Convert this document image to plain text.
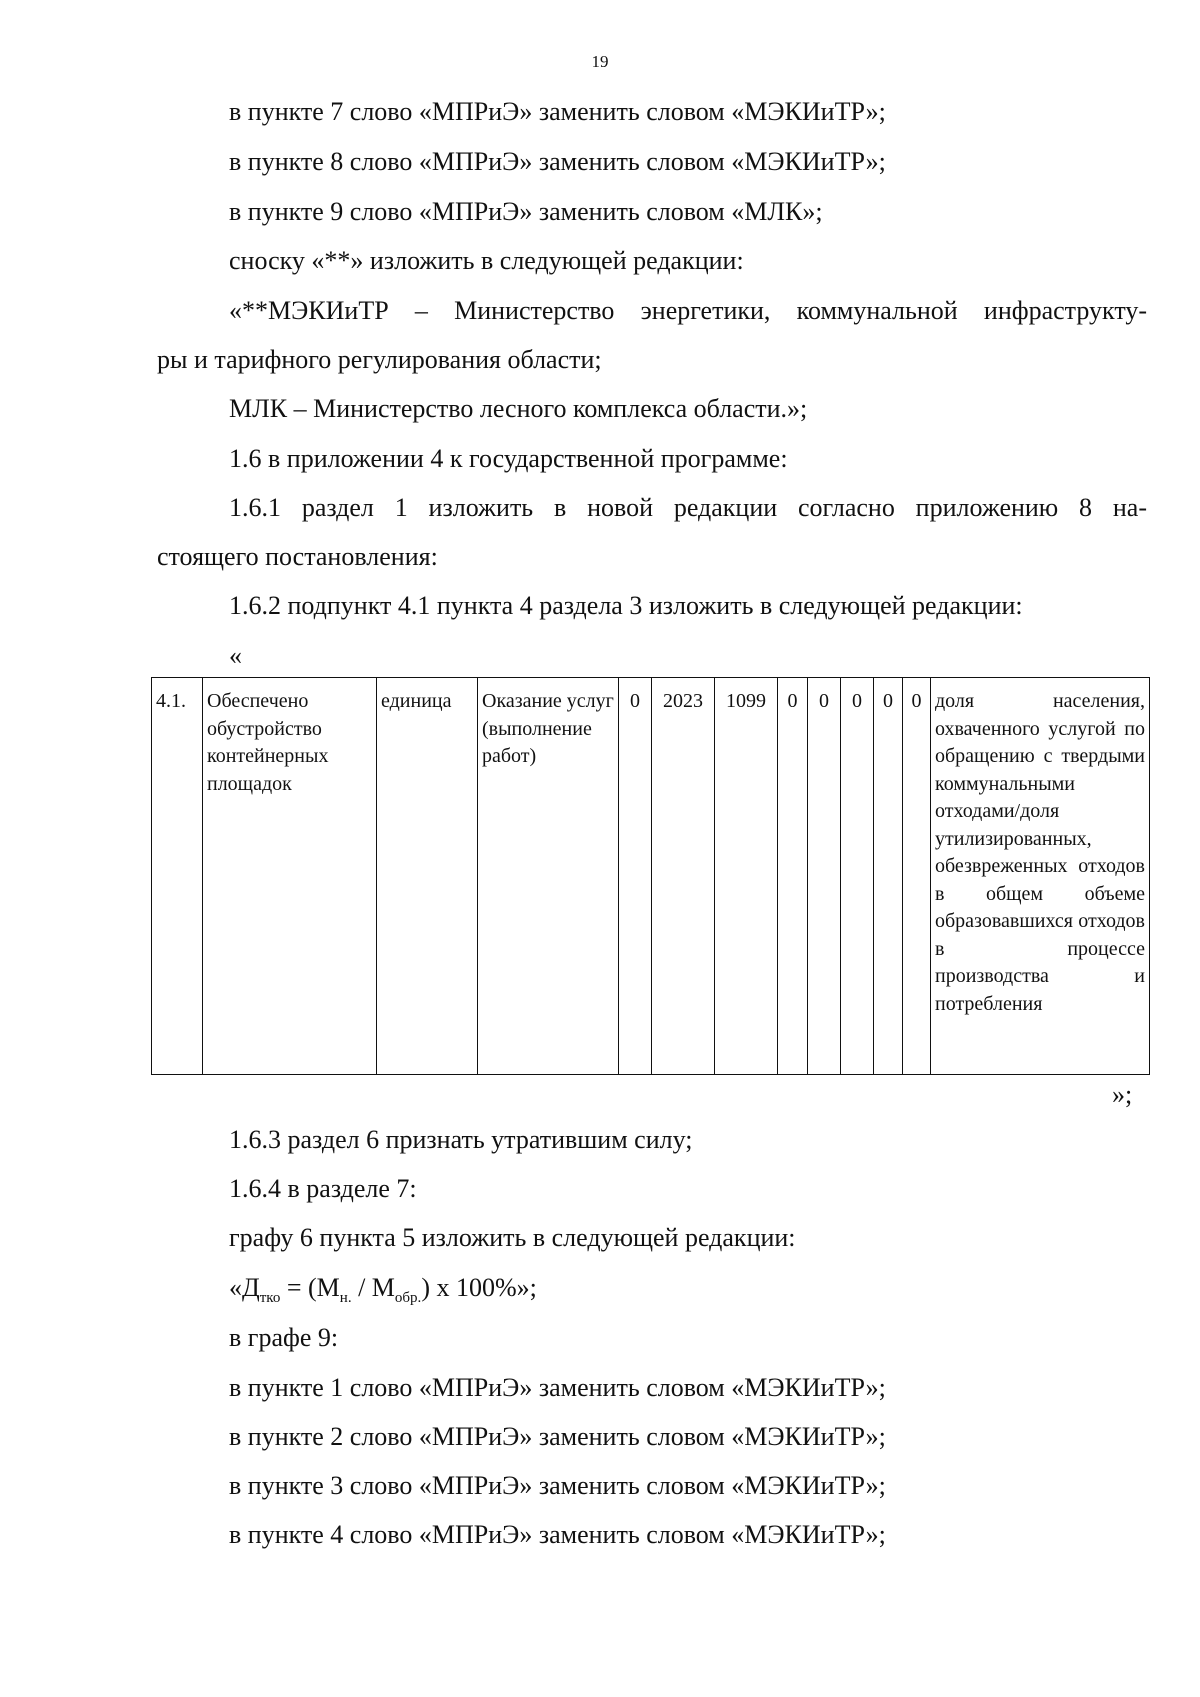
19
в пункте 7 слово «МПРиЭ» заменить словом «МЭКИиТР»;
в пункте 8 слово «МПРиЭ» заменить словом «МЭКИиТР»;
в пункте 9 слово «МПРиЭ» заменить словом «МЛК»;
сноску «**» изложить в следующей редакции:
«**МЭКИиТР – Министерство энергетики, коммунальной инфраструкту-
ры и тарифного регулирования области;
МЛК – Министерство лесного комплекса области.»;
1.6 в приложении 4 к государственной программе:
1.6.1 раздел 1 изложить в новой редакции согласно приложению 8 на-
стоящего постановления:
1.6.2 подпункт 4.1 пункта 4 раздела 3 изложить в следующей редакции:
«
4.1.	Обеспечено обустройство контейнерных площадок	единица	Оказание услуг (выполнение работ)	0	2023	1099	0	0	0	0	0	доля населения, охваченного услугой по обращению с твердыми коммунальными отходами/доля утилизированных, обезвреженных отходов в общем объеме образовавшихся отходов в процессе производства и потребления
»;
1.6.3 раздел 6 признать утратившим силу;
1.6.4 в разделе 7:
графу 6 пункта 5 изложить в следующей редакции:
«$Д_{тко} = (М_{н.} / М_{обр.})$ х 100%»;
в графе 9:
в пункте 1 слово «МПРиЭ» заменить словом «МЭКИиТР»;
в пункте 2 слово «МПРиЭ» заменить словом «МЭКИиТР»;
в пункте 3 слово «МПРиЭ» заменить словом «МЭКИиТР»;
в пункте 4 слово «МПРиЭ» заменить словом «МЭКИиТР»;
